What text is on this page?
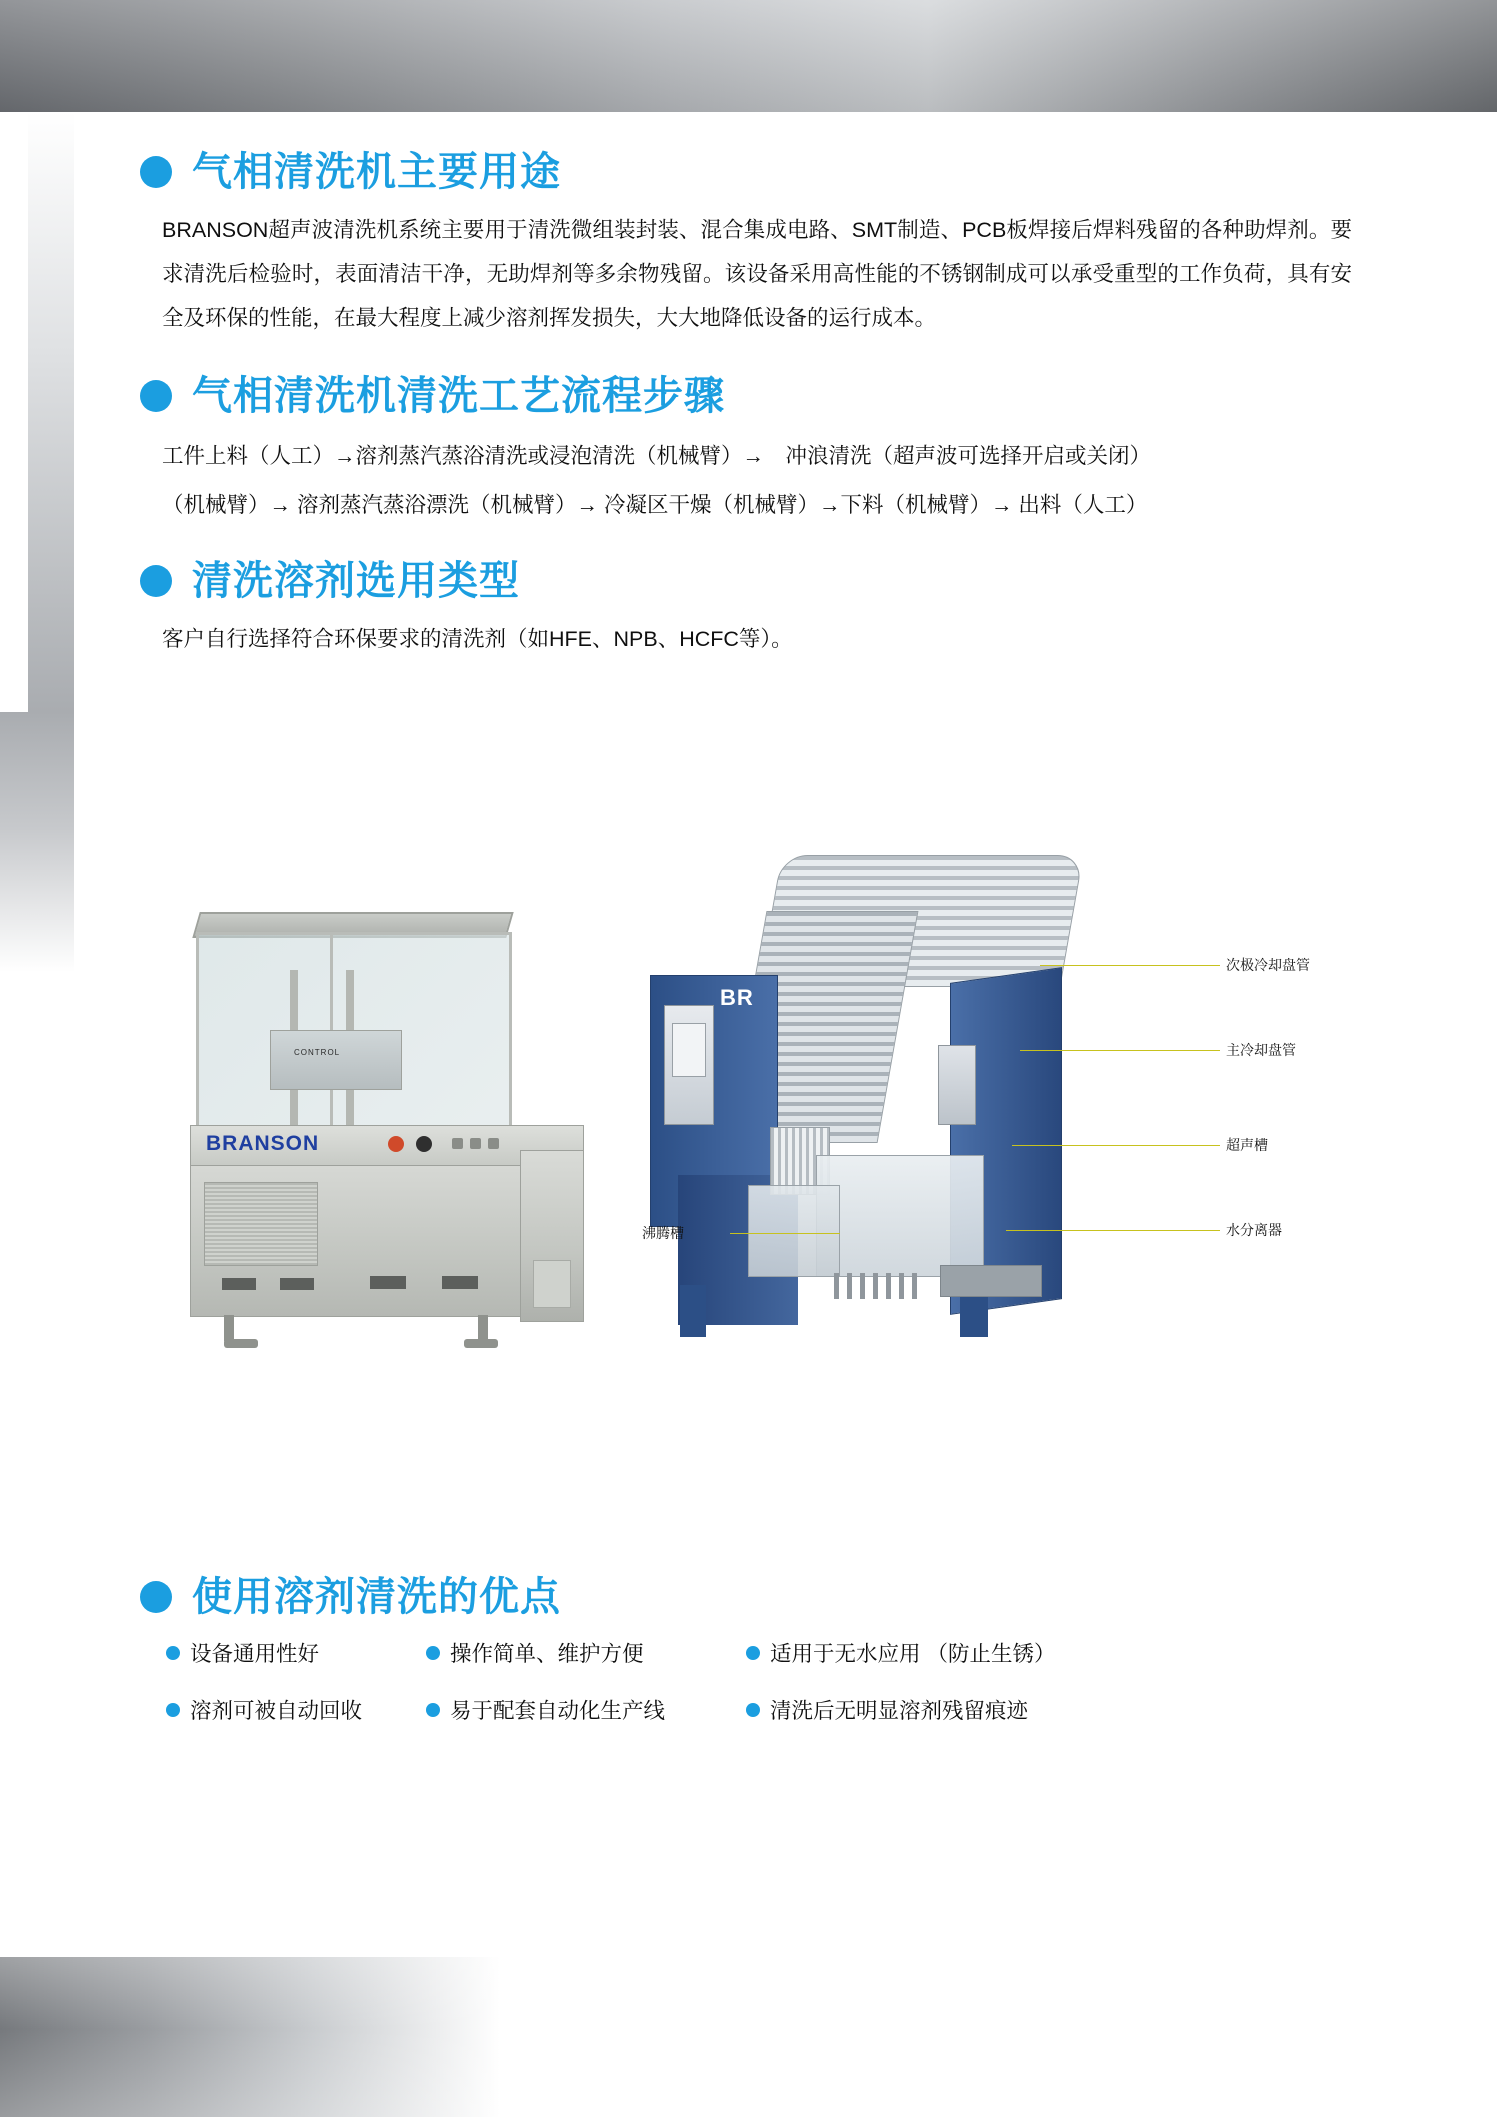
气相清洗机主要用途

BRANSON超声波清洗机系统主要用于清洗微组装封装、混合集成电路、SMT制造、PCB板焊接后焊料残留的各种助焊剂。要求清洗后检验时，表面清洁干净，无助焊剂等多余物残留。该设备采用高性能的不锈钢制成可以承受重型的工作负荷，具有安全及环保的性能，在最大程度上减少溶剂挥发损失，大大地降低设备的运行成本。

气相清洗机清洗工艺流程步骤
工件上料（人工）→溶剂蒸汽蒸浴清洗或浸泡清洗（机械臂）→　冲浪清洗（超声波可选择开启或关闭）
（机械臂）→ 溶剂蒸汽蒸浴漂洗（机械臂）→ 冷凝区干燥（机械臂）→下料（机械臂）→ 出料（人工）
清洗溶剂选用类型

客户自行选择符合环保要求的清洗剂（如HFE、NPB、HCFC等）。

CONTROL
BRANSON
BR
次极冷却盘管
主冷却盘管
超声槽
水分离器
沸腾槽
使用溶剂清洗的优点
设备通用性好	操作简单、维护方便	适用于无水应用 （防止生锈）
溶剂可被自动回收	易于配套自动化生产线	清洗后无明显溶剂残留痕迹
